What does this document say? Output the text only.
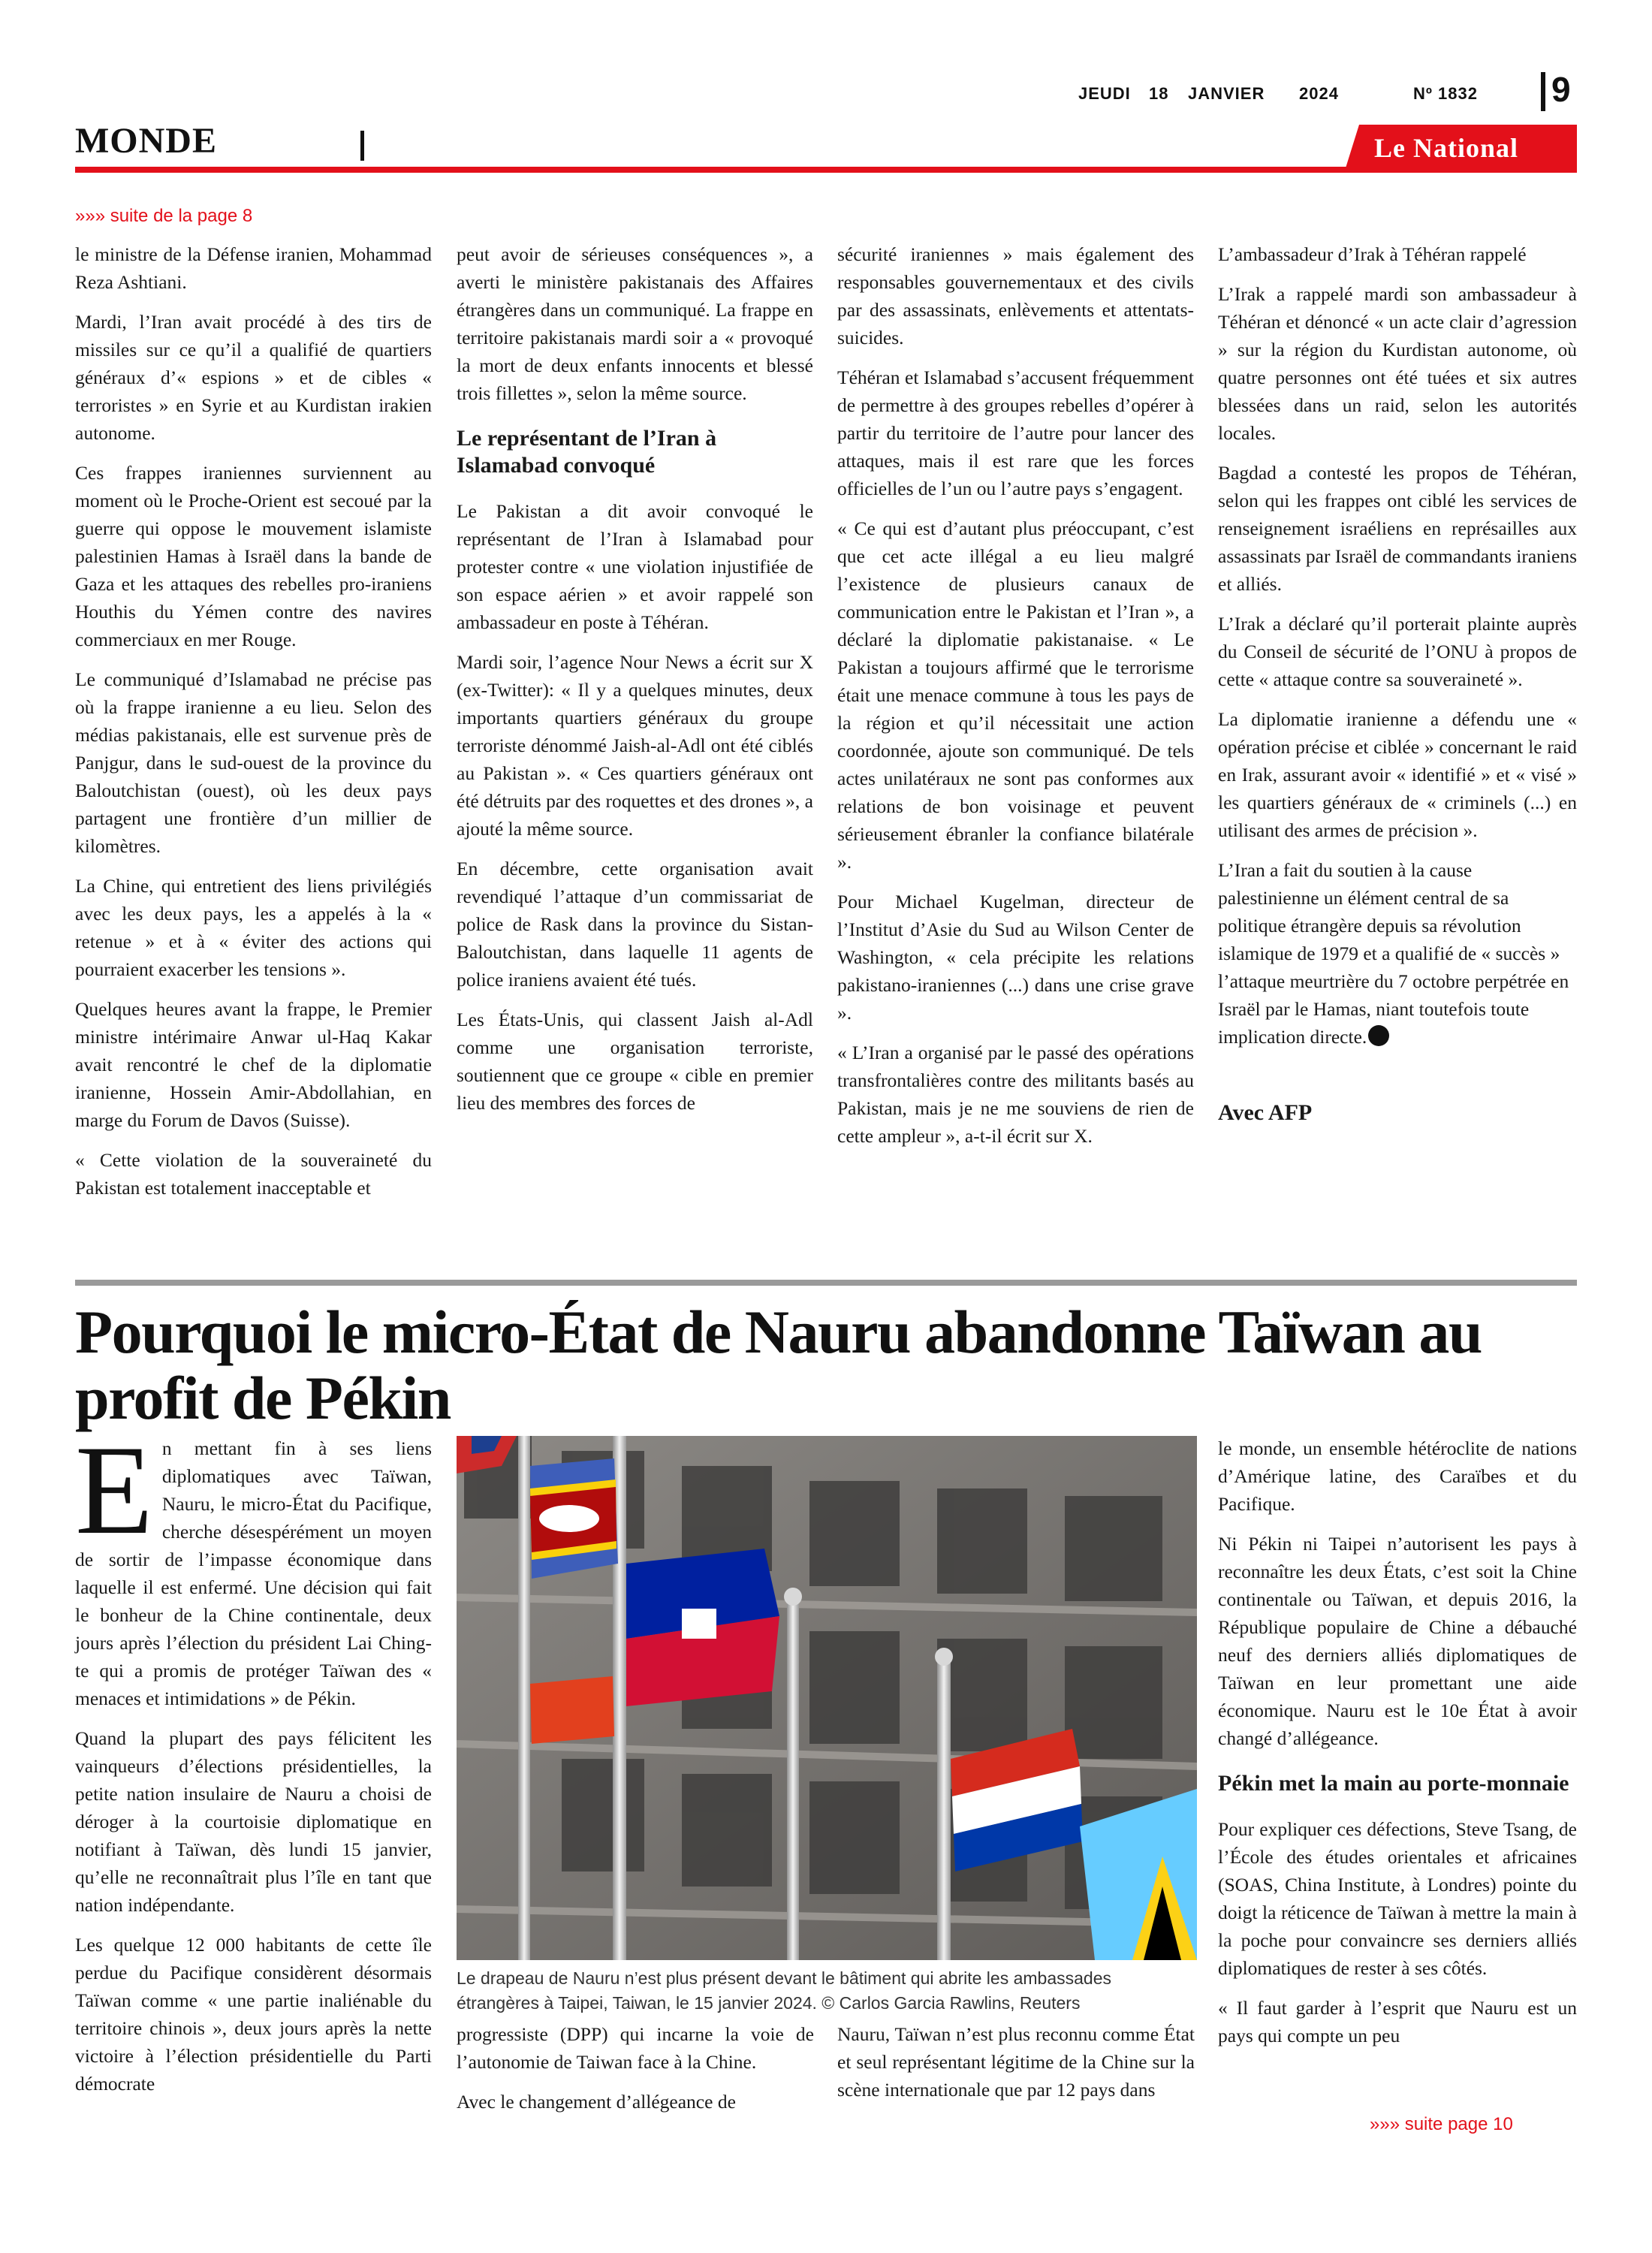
JEUDI 18 JANVIER 2024	Nº 1832 9
MONDE	Le National
»»» suite de la page 8

le ministre de la Défense iranien, Mohammad Reza Ashtiani.

Mardi, l’Iran avait procédé à des tirs de missiles sur ce qu’il a qualifié de quartiers généraux d’« espions » et de cibles « terroristes » en Syrie et au Kurdistan irakien autonome.

Ces frappes iraniennes surviennent au moment où le Proche-Orient est secoué par la guerre qui oppose le mouvement islamiste palestinien Hamas à Israël dans la bande de Gaza et les attaques des rebelles pro-iraniens Houthis du Yémen contre des navires commerciaux en mer Rouge.

Le communiqué d’Islamabad ne précise pas où la frappe iranienne a eu lieu. Selon des médias pakistanais, elle est survenue près de Panjgur, dans le sud-ouest de la province du Baloutchistan (ouest), où les deux pays partagent une frontière d’un millier de kilomètres.

La Chine, qui entretient des liens privilégiés avec les deux pays, les a appelés à la « retenue » et à « éviter des actions qui pourraient exacerber les tensions ».

Quelques heures avant la frappe, le Premier ministre intérimaire Anwar ul-Haq Kakar avait rencontré le chef de la diplomatie iranienne, Hossein Amir-Abdollahian, en marge du Forum de Davos (Suisse).

« Cette violation de la souveraineté du Pakistan est totalement inacceptable et

peut avoir de sérieuses conséquences », a averti le ministère pakistanais des Affaires étrangères dans un communiqué. La frappe en territoire pakistanais mardi soir a « provoqué la mort de deux enfants innocents et blessé trois fillettes », selon la même source.

Le représentant de l’Iran à Islamabad convoqué

Le Pakistan a dit avoir convoqué le représentant de l’Iran à Islamabad pour protester contre « une violation injustifiée de son espace aérien » et avoir rappelé son ambassadeur en poste à Téhéran.

Mardi soir, l’agence Nour News a écrit sur X (ex-Twitter): « Il y a quelques minutes, deux importants quartiers généraux du groupe terroriste dénommé Jaish-al-Adl ont été ciblés au Pakistan ». « Ces quartiers généraux ont été détruits par des roquettes et des drones », a ajouté la même source.

En décembre, cette organisation avait revendiqué l’attaque d’un commissariat de police de Rask dans la province du Sistan-Baloutchistan, dans laquelle 11 agents de police iraniens avaient été tués.

Les États-Unis, qui classent Jaish al-Adl comme une organisation terroriste, soutiennent que ce groupe « cible en premier lieu des membres des forces de

sécurité iraniennes » mais également des responsables gouvernementaux et des civils par des assassinats, enlèvements et attentats-suicides.

Téhéran et Islamabad s’accusent fréquemment de permettre à des groupes rebelles d’opérer à partir du territoire de l’autre pour lancer des attaques, mais il est rare que les forces officielles de l’un ou l’autre pays s’engagent.

« Ce qui est d’autant plus préoccupant, c’est que cet acte illégal a eu lieu malgré l’existence de plusieurs canaux de communication entre le Pakistan et l’Iran », a déclaré la diplomatie pakistanaise. « Le Pakistan a toujours affirmé que le terrorisme était une menace commune à tous les pays de la région et qu’il nécessitait une action coordonnée, ajoute son communiqué. De tels actes unilatéraux ne sont pas conformes aux relations de bon voisinage et peuvent sérieusement ébranler la confiance bilatérale ».

Pour Michael Kugelman, directeur de l’Institut d’Asie du Sud au Wilson Center de Washington, « cela précipite les relations pakistano-iraniennes (...) dans une crise grave ».

« L’Iran a organisé par le passé des opérations transfrontalières contre des militants basés au Pakistan, mais je ne me souviens de rien de cette ampleur », a-t-il écrit sur X.

L’ambassadeur d’Irak à Téhéran rappelé

L’Irak a rappelé mardi son ambassadeur à Téhéran et dénoncé « un acte clair d’agression » sur la région du Kurdistan autonome, où quatre personnes ont été tuées et six autres blessées dans un raid, selon les autorités locales.

Bagdad a contesté les propos de Téhéran, selon qui les frappes ont ciblé les services de renseignement israéliens en représailles aux assassinats par Israël de commandants iraniens et alliés.

L’Irak a déclaré qu’il porterait plainte auprès du Conseil de sécurité de l’ONU à propos de cette « attaque contre sa souveraineté ».

La diplomatie iranienne a défendu une « opération précise et ciblée » concernant le raid en Irak, assurant avoir « identifié » et « visé » les quartiers généraux de « criminels (...) en utilisant des armes de précision ».

L’Iran a fait du soutien à la cause palestinienne un élément central de sa politique étrangère depuis sa révolution islamique de 1979 et a qualifié de « succès » l’attaque meurtrière du 7 octobre perpétrée en Israël par le Hamas, niant toutefois toute implication directe.

Avec AFP
Pourquoi le micro-État de Nauru abandonne Taïwan au profit de Pékin

En mettant fin à ses liens diplomatiques avec Taïwan, Nauru, le micro-État du Pacifique, cherche désespérément un moyen de sortir de l’impasse économique dans laquelle il est enfermé. Une décision qui fait le bonheur de la Chine continentale, deux jours après l’élection du président Lai Ching-te qui a promis de protéger Taïwan des « menaces et intimidations » de Pékin.

Quand la plupart des pays félicitent les vainqueurs d’élections présidentielles, la petite nation insulaire de Nauru a choisi de déroger à la courtoisie diplomatique en notifiant à Taïwan, dès lundi 15 janvier, qu’elle ne reconnaîtrait plus l’île en tant que nation indépendante.

Les quelque 12 000 habitants de cette île perdue du Pacifique considèrent désormais Taïwan comme « une partie inaliénable du territoire chinois », deux jours après la nette victoire à l’élection présidentielle du Parti démocrate

Le drapeau de Nauru n’est plus présent devant le bâtiment qui abrite les ambassades étrangères à Taipei, Taiwan, le 15 janvier 2024. © Carlos Garcia Rawlins, Reuters

progressiste (DPP) qui incarne la voie de l’autonomie de Taiwan face à la Chine.

Avec le changement d’allégeance de

Nauru, Taïwan n’est plus reconnu comme État et seul représentant légitime de la Chine sur la scène internationale que par 12 pays dans

le monde, un ensemble hétéroclite de nations d’Amérique latine, des Caraïbes et du Pacifique.

Ni Pékin ni Taipei n’autorisent les pays à reconnaître les deux États, c’est soit la Chine continentale ou Taïwan, et depuis 2016, la République populaire de Chine a débauché neuf des derniers alliés diplomatiques de Taïwan en leur promettant une aide économique. Nauru est le 10e État à avoir changé d’allégeance.

Pékin met la main au porte-monnaie

Pour expliquer ces défections, Steve Tsang, de l’École des études orientales et africaines (SOAS, China Institute, à Londres) pointe du doigt la réticence de Taïwan à mettre la main à la poche pour convaincre ses derniers alliés diplomatiques de rester à ses côtés.

« Il faut garder à l’esprit que Nauru est un pays qui compte un peu

»»» suite page 10
